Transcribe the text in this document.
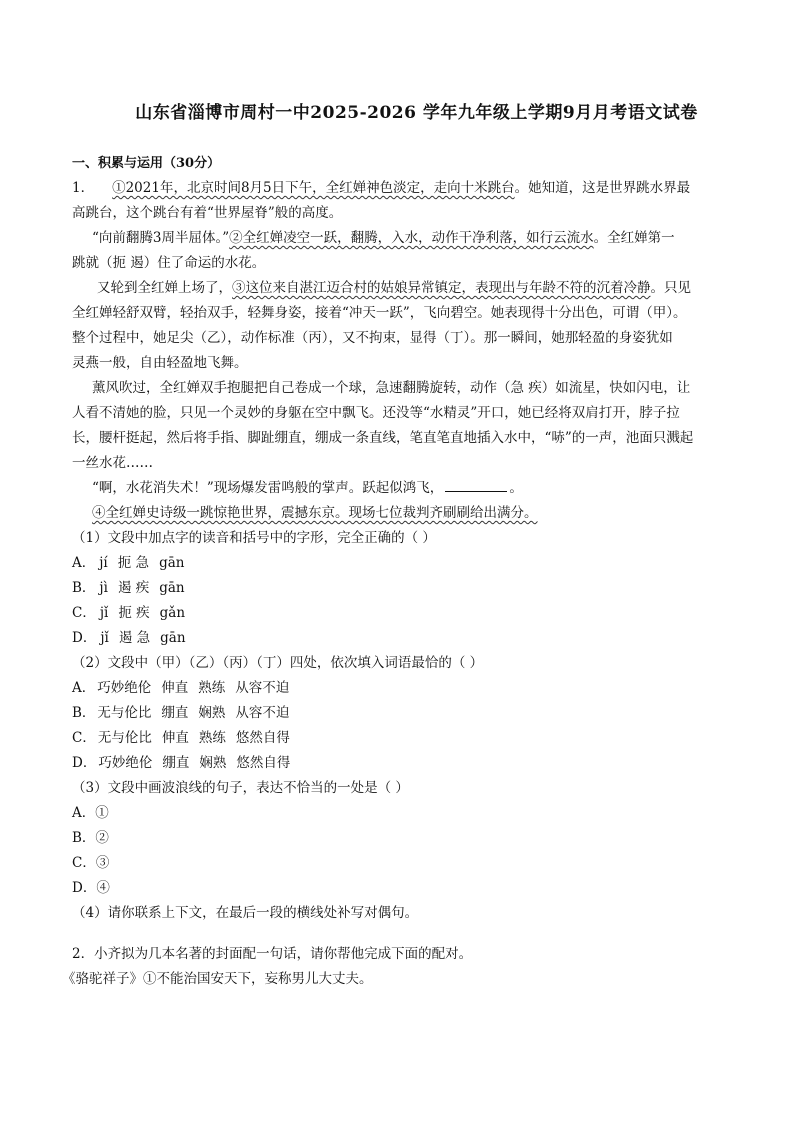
山东省淄博市周村一中2025-2026 学年九年级上学期9月月考语文试卷
一、积累与运用（30分）
1． ①2021年，北京时间8月5日下午，全红婵神色淡定，走向十米跳台。她知道，这是世界跳水界最
高跳台，这个跳台有着“世界屋脊”般的高度。
“向前翻腾3周半屈体。”②全红婵凌空一跃，翻腾，入水，动作干净利落，如行云流水。全红婵第一
跳就（扼 遏）住了命运的水花。
又轮到全红婵上场了，③这位来自湛江迈合村的姑娘异常镇定，表现出与年龄不符的沉着冷静。只见
全红婵轻舒双臂，轻抬双手，轻舞身姿，接着“冲天一跃”，飞向碧空。她表现得十分出色，可谓（甲）。
整个过程中，她足尖（乙），动作标准（丙），又不拘束，显得（丁）。那一瞬间，她那轻盈的身姿犹如
灵燕一般，自由轻盈地飞舞。
薰风吹过，全红婵双手抱腿把自己卷成一个球，急速翻腾旋转，动作（急 疾）如流星，快如闪电，让
人看不清她的脸，只见一个灵妙的身躯在空中飘飞。还没等“水精灵”开口，她已经将双肩打开，脖子拉
长，腰杆挺起，然后将手指、脚趾绷直，绷成一条直线，笔直笔直地插入水中，“哧”的一声，池面只溅起
一丝水花……
“啊，水花消失术！”现场爆发雷鸣般的掌声。跃起似鸿飞，	。
④全红婵史诗级一跳惊艳世界，震撼东京。现场七位裁判齐刷刷给出满分。
（1）文段中加点字的读音和括号中的字形，完全正确的（ ）
A． jí 扼 急 gān
B． jì 遏 疾 gān
C． jǐ 扼 疾 gǎn
D． jǐ 遏 急 gān
（2）文段中（甲）（乙）（丙）（丁）四处，依次填入词语最恰的（ ）
A． 巧妙绝伦 伸直 熟练 从容不迫
B． 无与伦比 绷直 娴熟 从容不迫
C． 无与伦比 伸直 熟练 悠然自得
D． 巧妙绝伦 绷直 娴熟 悠然自得
（3）文段中画波浪线的句子，表达不恰当的一处是（ ）
A．①
B．②
C．③
D．④
（4）请你联系上下文，在最后一段的横线处补写对偶句。
2．小齐拟为几本名著的封面配一句话，请你帮他完成下面的配对。
《骆驼祥子》①不能治国安天下，妄称男儿大丈夫。
